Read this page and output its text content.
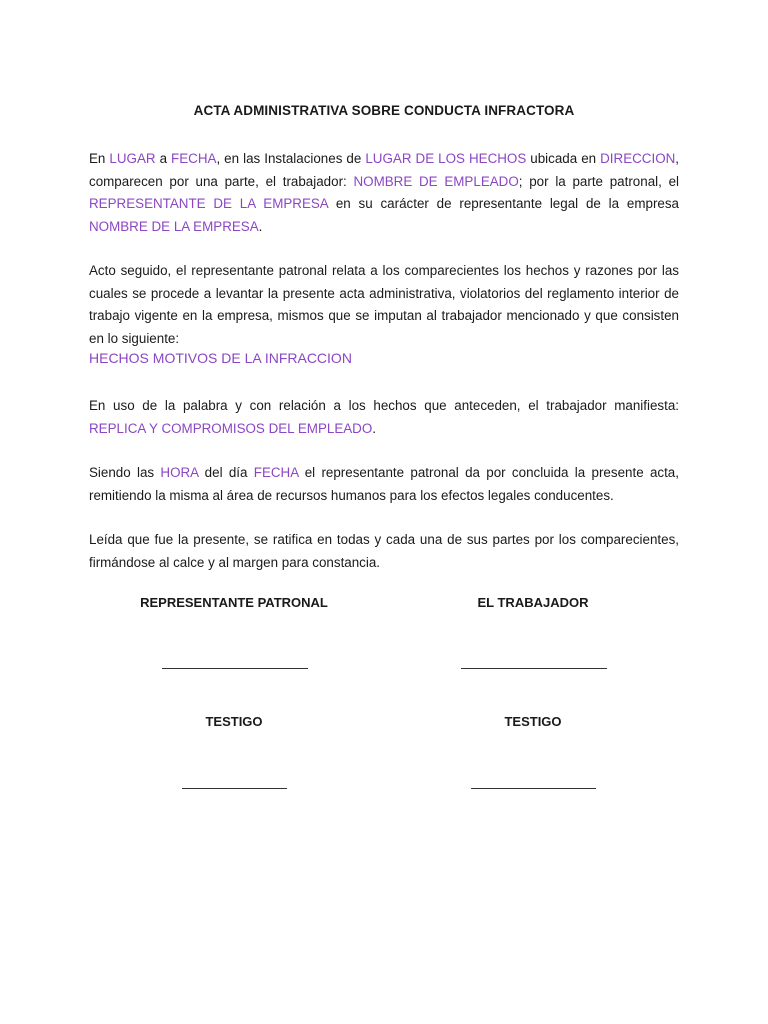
ACTA ADMINISTRATIVA SOBRE CONDUCTA INFRACTORA
En LUGAR a FECHA, en las Instalaciones de LUGAR DE LOS HECHOS ubicada en DIRECCION, comparecen por una parte, el trabajador: NOMBRE DE EMPLEADO; por la parte patronal, el REPRESENTANTE DE LA EMPRESA en su carácter de representante legal de la empresa NOMBRE DE LA EMPRESA.
Acto seguido, el representante patronal relata a los comparecientes los hechos y razones por las cuales se procede a levantar la presente acta administrativa, violatorios del reglamento interior de trabajo vigente en la empresa, mismos que se imputan al trabajador mencionado y que consisten en lo siguiente:
HECHOS MOTIVOS DE LA INFRACCION
En uso de la palabra y con relación a los hechos que anteceden, el trabajador manifiesta: REPLICA Y COMPROMISOS DEL EMPLEADO.
Siendo las HORA del día FECHA el representante patronal da por concluida la presente acta, remitiendo la misma al área de recursos humanos para los efectos legales conducentes.
Leída que fue la presente, se ratifica en todas y cada una de sus partes por los comparecientes, firmándose al calce y al margen para constancia.
REPRESENTANTE PATRONAL	EL TRABAJADOR
TESTIGO	TESTIGO
